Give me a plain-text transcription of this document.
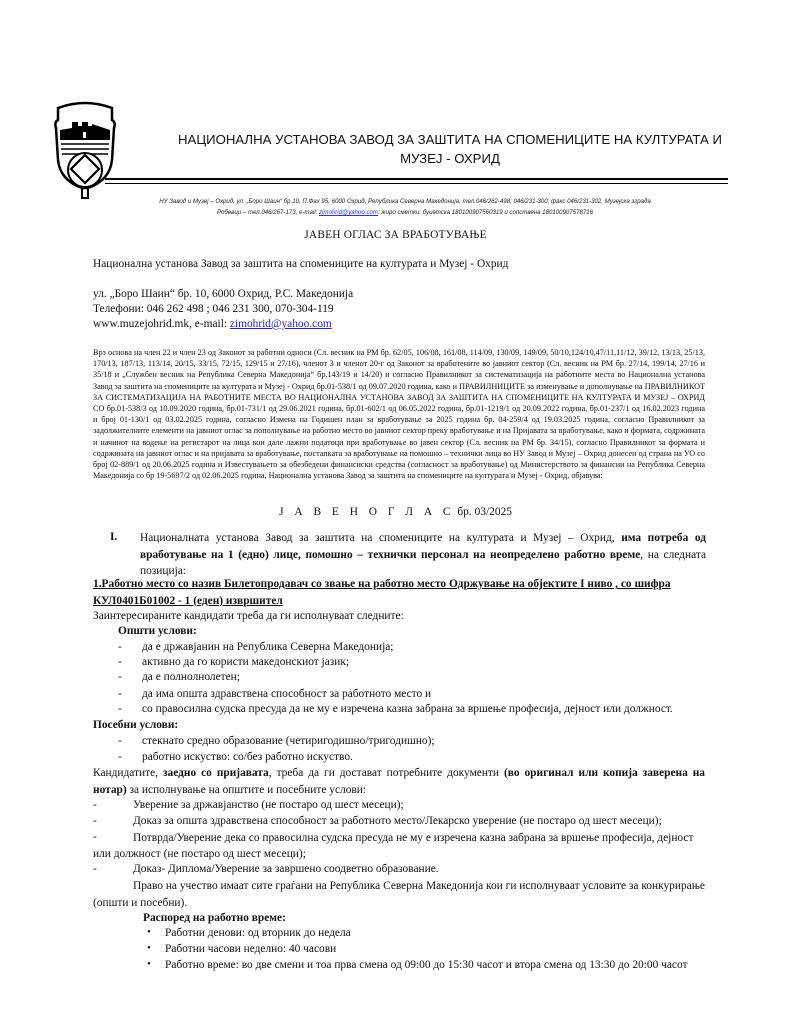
НАЦИОНАЛНА УСТАНОВА ЗАВОД ЗА ЗАШТИТА НА СПОМЕНИЦИТЕ НА КУЛТУРАТА И
МУЗЕЈ - ОХРИД
НУ Завод и Музеј – Охрид, ул. „Боро Шаин“ бр.10, П.Фах 95, 6000 Охрид, Република Северна Македонија, тел.046/262-498; 046/231-300; факс 046/231-302, Музејска зграда
Робевци – тел.046/267-173, e-mail: zimohrid@yahoo.com; жиро сметки: буџетска 180100907560319 и сопствена 180100907578716
ЈАВЕН ОГЛАС ЗА ВРАБОТУВАЊЕ
Национална установа Завод за заштита на спомениците на културата и Музеј - Охрид
ул. „Боро Шаин“ бр. 10, 6000 Охрид, Р.С. Македонија
Телефони: 046 262 498 ; 046 231 300, 070-304-119
www.muzejohrid.mk, e-mail: zimohrid@yahoo.com
Врз основа на член 22 и член 23 од Законот за работни односи (Сл. весник на РМ бр. 62/05, 106/08, 161/08, 114/09, 130/09, 149/09, 50/10,124/10,47/11,11/12, 39/12, 13/13, 25/13, 170/13, 187/13, 113/14, 20/15, 33/15, 72/15, 129/15 и 27/16), членот 3 и членот 20-г од Законот за вработените во јавниот сектор (Сл. весник на РМ бр. 27/14, 199/14, 27/16 и 35/18 и „Службен весник на Република Северна Македонија“ бр.143/19 и 14/20) и согласно Правилникот за систематизација на работните места во Национална установа Завод за заштита на спомениците на културата и Музеј - Охрид бр.01-538/1 од 09.07.2020 година, како и ПРАВИЛНИЦИТЕ за изменување и дополнување на ПРАВИЛНИКОТ ЗА СИСТЕМАТИЗАЦИЈА НА РАБОТНИТЕ МЕСТА ВО НАЦИОНАЛНА УСТАНОВА ЗАВОД ЗА ЗАШТИТА НА СПОМЕНИЦИТЕ НА КУЛТУРАТА И МУЗЕЈ – ОХРИД СО бр.01-538/3 од 10.09.2020 година, бр.01-731/1 од 29.06.2021 година, бр.01-602/1 од 06.05.2022 година, бр.01-1219/1 од 20.09.2022 година, бр.01-237/1 од 16.02.2023 година и број 01-130/1 од 03.02.2025 година, согласно Измена на Годишен план за вработување за 2025 година бр. 04-259/4 од 19.03.2025 година, согласно Правилникот за задолжителните елементи на јавниот оглас за пополнување на работно место во јавниот сектор преку вработување и на Пријавата за вработување, како и формата, содржината и начинот на водење на регистарот на лица кои дале лажни податоци при вработување во јавен сектор (Сл. весник на РМ бр. 34/15), согласно Правилникот за формата и содржината на јавниот оглас и на пријавата за вработување, постапката за вработување на помошно – технички лица во НУ Завод и Музеј – Охрид донесен од страна на УО со број 02-889/1 од 20.06.2025 година и Известувањето за обезбедени финансиски средства (согласност за вработување) од Министерството за финансии на Република Северна Македонија со бр 19-5697/2 од 02.06.2025 година, Национална установа Завод за заштита на спомениците на културата и Музеј - Охрид, објавува:
Ј А В Е Н О Г Л А С бр. 03/2025
I. Националната установа Завод за заштита на спомениците на културата и Музеј – Охрид, има потреба од вработување на 1 (едно) лице, помошно – технички персонал на неопределено работно време, на следната позиција:
1.Работно место со назив Билетопродавач со звање на работно место Одржување на објектите I ниво , со шифра
КУЛ0401Б01002 - 1 (еден) извршител
Заинтересираните кандидати треба да ги исполнуваат следните:
Општи услови:
- да е државјанин на Република Северна Македонија;
- активно да го користи македонскиот јазик;
- да е полнолнолетен;
- да има општа здравствена способност за работното место и
- со правосилна судска пресуда да не му е изречена казна забрана за вршење професија, дејност или должност.
Посебни услови:
- стекнато средно образование (четиригодишно/тригодишно);
- работно искуство: со/без работно искуство.
Кандидатите, заедно со пријавата, треба да ги достават потребните документи (во оригинал или копија заверена на нотар) за исполнување на општите и посебните услови:
-	Уверение за државјанство (не постаро од шест месеци);
-	Доказ за општа здравствена способност за работното место/Лекарско уверение (не постаро од шест месеци);
-	Потврда/Уверение дека со правосилна судска пресуда не му е изречена казна забрана за вршење професија, дејност или должност (не постаро од шест месеци);
-	Доказ- Диплома/Уверение за завршено соодветно образование.
Право на учество имаат сите граѓани на Република Северна Македонија кои ги исполнуваат условите за конкурирање (општи и посебни).
Распоред на работно време:
• Работни денови: од вторник до недела
• Работни часови неделно: 40 часови
• Работно време: во две смени и тоа прва смена од 09:00 до 15:30 часот и втора смена од 13:30 до 20:00 часот
